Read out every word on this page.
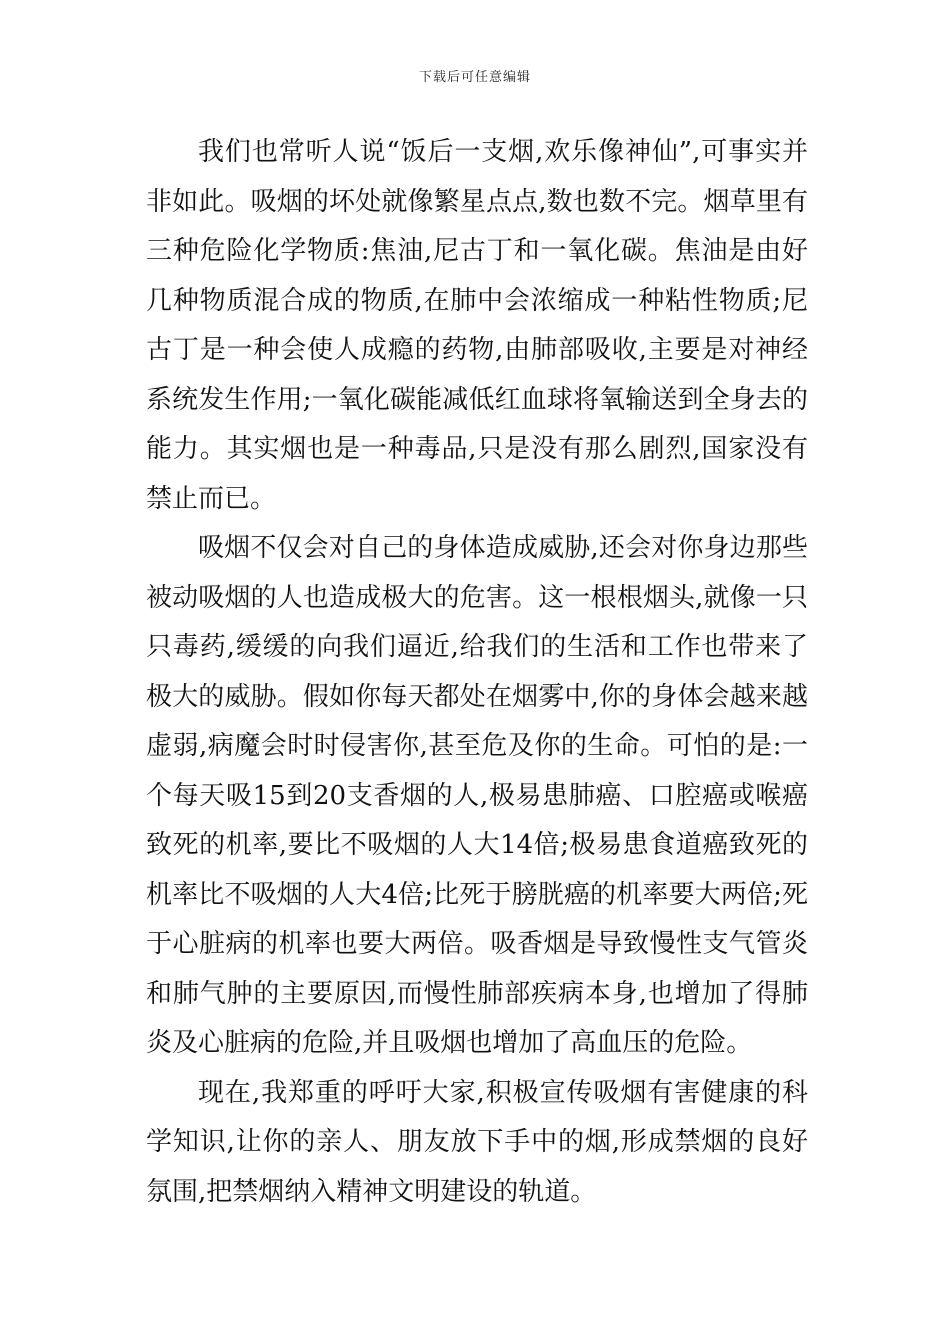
下载后可任意编辑

我们也常听人说“饭后一支烟,欢乐像神仙”,可事实并非如此。吸烟的坏处就像繁星点点,数也数不完。烟草里有三种危险化学物质:焦油,尼古丁和一氧化碳。焦油是由好几种物质混合成的物质,在肺中会浓缩成一种粘性物质;尼古丁是一种会使人成瘾的药物,由肺部吸收,主要是对神经系统发生作用;一氧化碳能减低红血球将氧输送到全身去的能力。其实烟也是一种毒品,只是没有那么剧烈,国家没有禁止而已。

吸烟不仅会对自己的身体造成威胁,还会对你身边那些被动吸烟的人也造成极大的危害。这一根根烟头,就像一只只毒药,缓缓的向我们逼近,给我们的生活和工作也带来了极大的威胁。假如你每天都处在烟雾中,你的身体会越来越虚弱,病魔会时时侵害你,甚至危及你的生命。可怕的是:一个每天吸15到20支香烟的人,极易患肺癌、口腔癌或喉癌致死的机率,要比不吸烟的人大14倍;极易患食道癌致死的机率比不吸烟的人大4倍;比死于膀胱癌的机率要大两倍;死于心脏病的机率也要大两倍。吸香烟是导致慢性支气管炎和肺气肿的主要原因,而慢性肺部疾病本身,也增加了得肺炎及心脏病的危险,并且吸烟也增加了高血压的危险。

现在,我郑重的呼吁大家,积极宣传吸烟有害健康的科学知识,让你的亲人、朋友放下手中的烟,形成禁烟的良好氛围,把禁烟纳入精神文明建设的轨道。
